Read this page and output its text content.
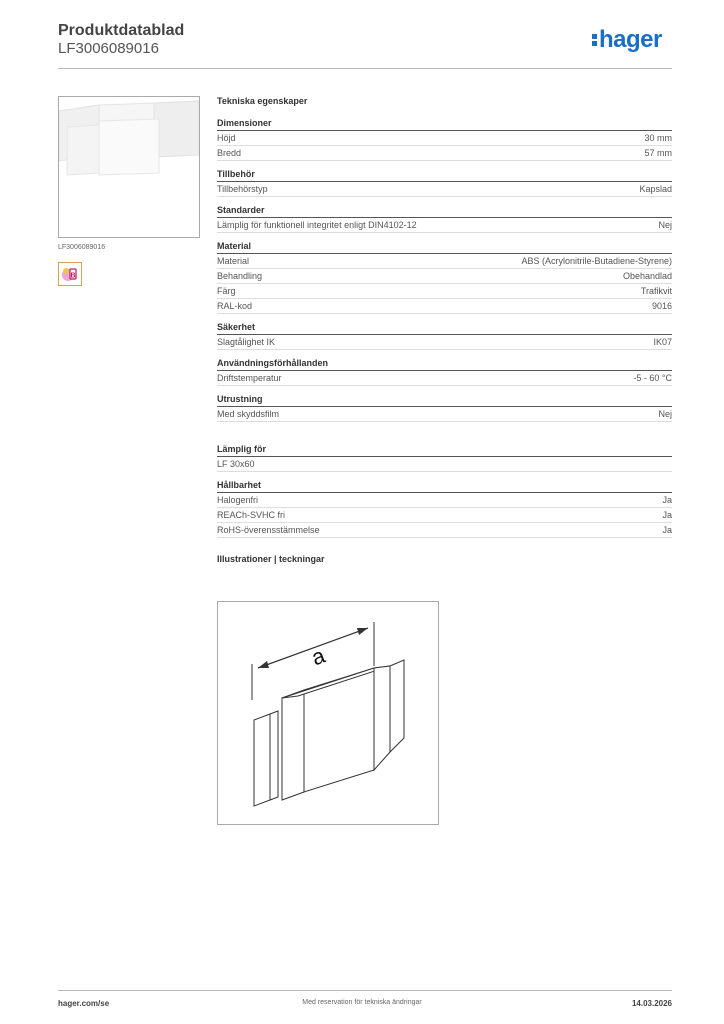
Produktdatablad
LF3006089016	hager
LF3006089016
B
Tekniska egenskaper
Dimensioner
Höjd	30 mm
Bredd	57 mm
Tillbehör
Tillbehörstyp	Kapslad
Standarder
Lämplig för funktionell integritet enligt DIN4102-12	Nej
Material
Material	ABS (Acrylonitrile-Butadiene-Styrene)
Behandling	Obehandlad
Färg	Trafikvit
RAL-kod	9016
Säkerhet
Slagtålighet IK	IK07
Användningsförhållanden
Driftstemperatur	-5 - 60 °C
Utrustning
Med skyddsfilm	Nej
Lämplig för
LF 30x60
Hållbarhet
Halogenfri	Ja
REACh-SVHC fri	Ja
RoHS-överensstämmelse	Ja
Illustrationer | teckningar
a
hager.com/se	Med reservation för tekniska ändringar	14.03.2026
